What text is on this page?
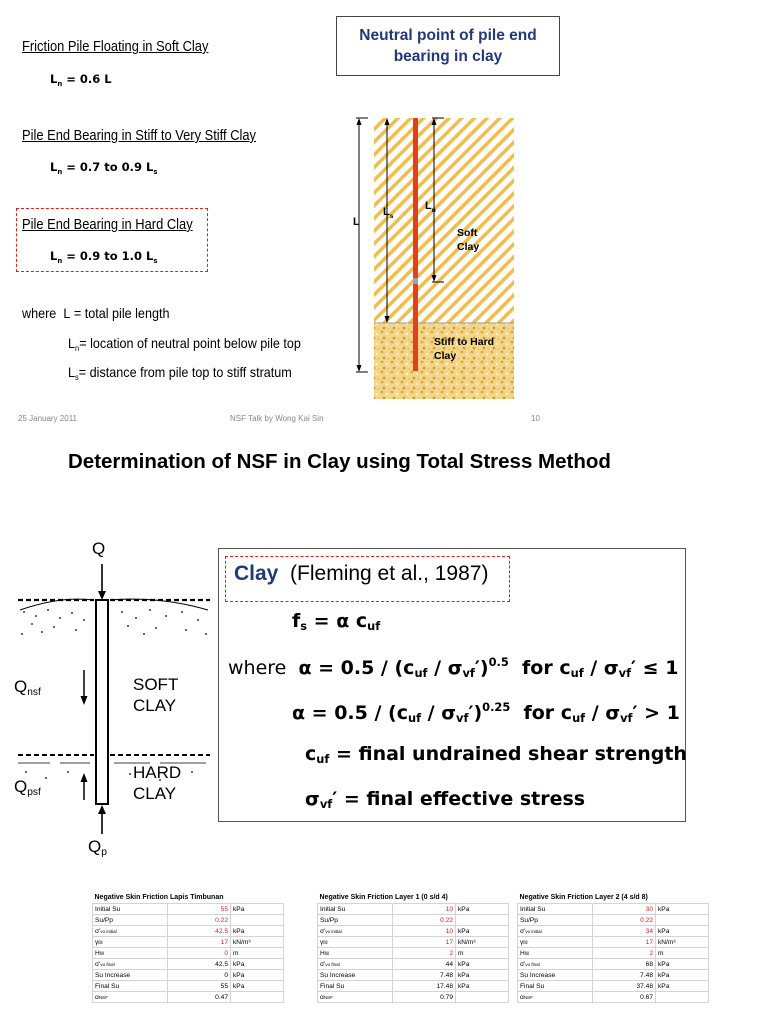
Friction Pile Floating in Soft Clay
$L_n = 0.6$ L
Pile End Bearing in Stiff to Very Stiff Clay
$L_n = 0.7$ to 0.9 $L_s$
Pile End Bearing in Hard Clay
$L_n = 0.9$ to 1.0 $L_s$
where L = total pile length
$L_n=$ location of neutral point below pile top
$L_s=$ distance from pile top to stiff stratum
Neutral point of pile end bearing in clay
L
$L_s$
$L_n$
Soft
Clay
Stiff to Hard
Clay
25 January 2011	NSF Talk by Wong Kai Sin	10
Determination of NSF in Clay using Total Stress Method
Q
$Q_{nsf}$
$Q_{psf}$
$Q_p$
SOFT
CLAY
HARD
CLAY
Clay (Fleming et al., 1987)
$f_s = \alpha$ $c_{uf}$
where $\alpha = 0.5 / (c_{uf} / \sigma_{vf}')^{0.5}$ for $c_{uf} / \sigma_{vf}' \le 1$
$\alpha = 0.5 / (c_{uf} / \sigma_{vf}')^{0.25}$ for $c_{uf} / \sigma_{vf}' > 1$
$c_{uf}$ = final undrained shear strength
$\sigma_{vf}'$ = final effective stress
Negative Skin Friction Lapis Timbunan		
Initial Su	55	kPa
Su/Pp	0.22	
σ'vo initial	42.5	kPa
γfill	17	kN/m³
Hfill	0	m
σ'vo final	42.5	kPa
Su Increase	0	kPa
Final Su	55	kPa
αNSF	0.47	
Negative Skin Friction Layer 1 (0 s/d 4)		
Initial Su	10	kPa
Su/Pp	0.22	
σ'vo initial	10	kPa
γfill	17	kN/m³
Hfill	2	m
σ'vo final	44	kPa
Su Increase	7.48	kPa
Final Su	17.48	kPa
αNSF	0.79	
Negative Skin Friction Layer 2 (4 s/d 8)		
Initial Su	30	kPa
Su/Pp	0.22	
σ'vo initial	34	kPa
γfill	17	kN/m³
Hfill	2	m
σ'vo final	68	kPa
Su Increase	7.48	kPa
Final Su	37.48	kPa
αNSF	0.67	
